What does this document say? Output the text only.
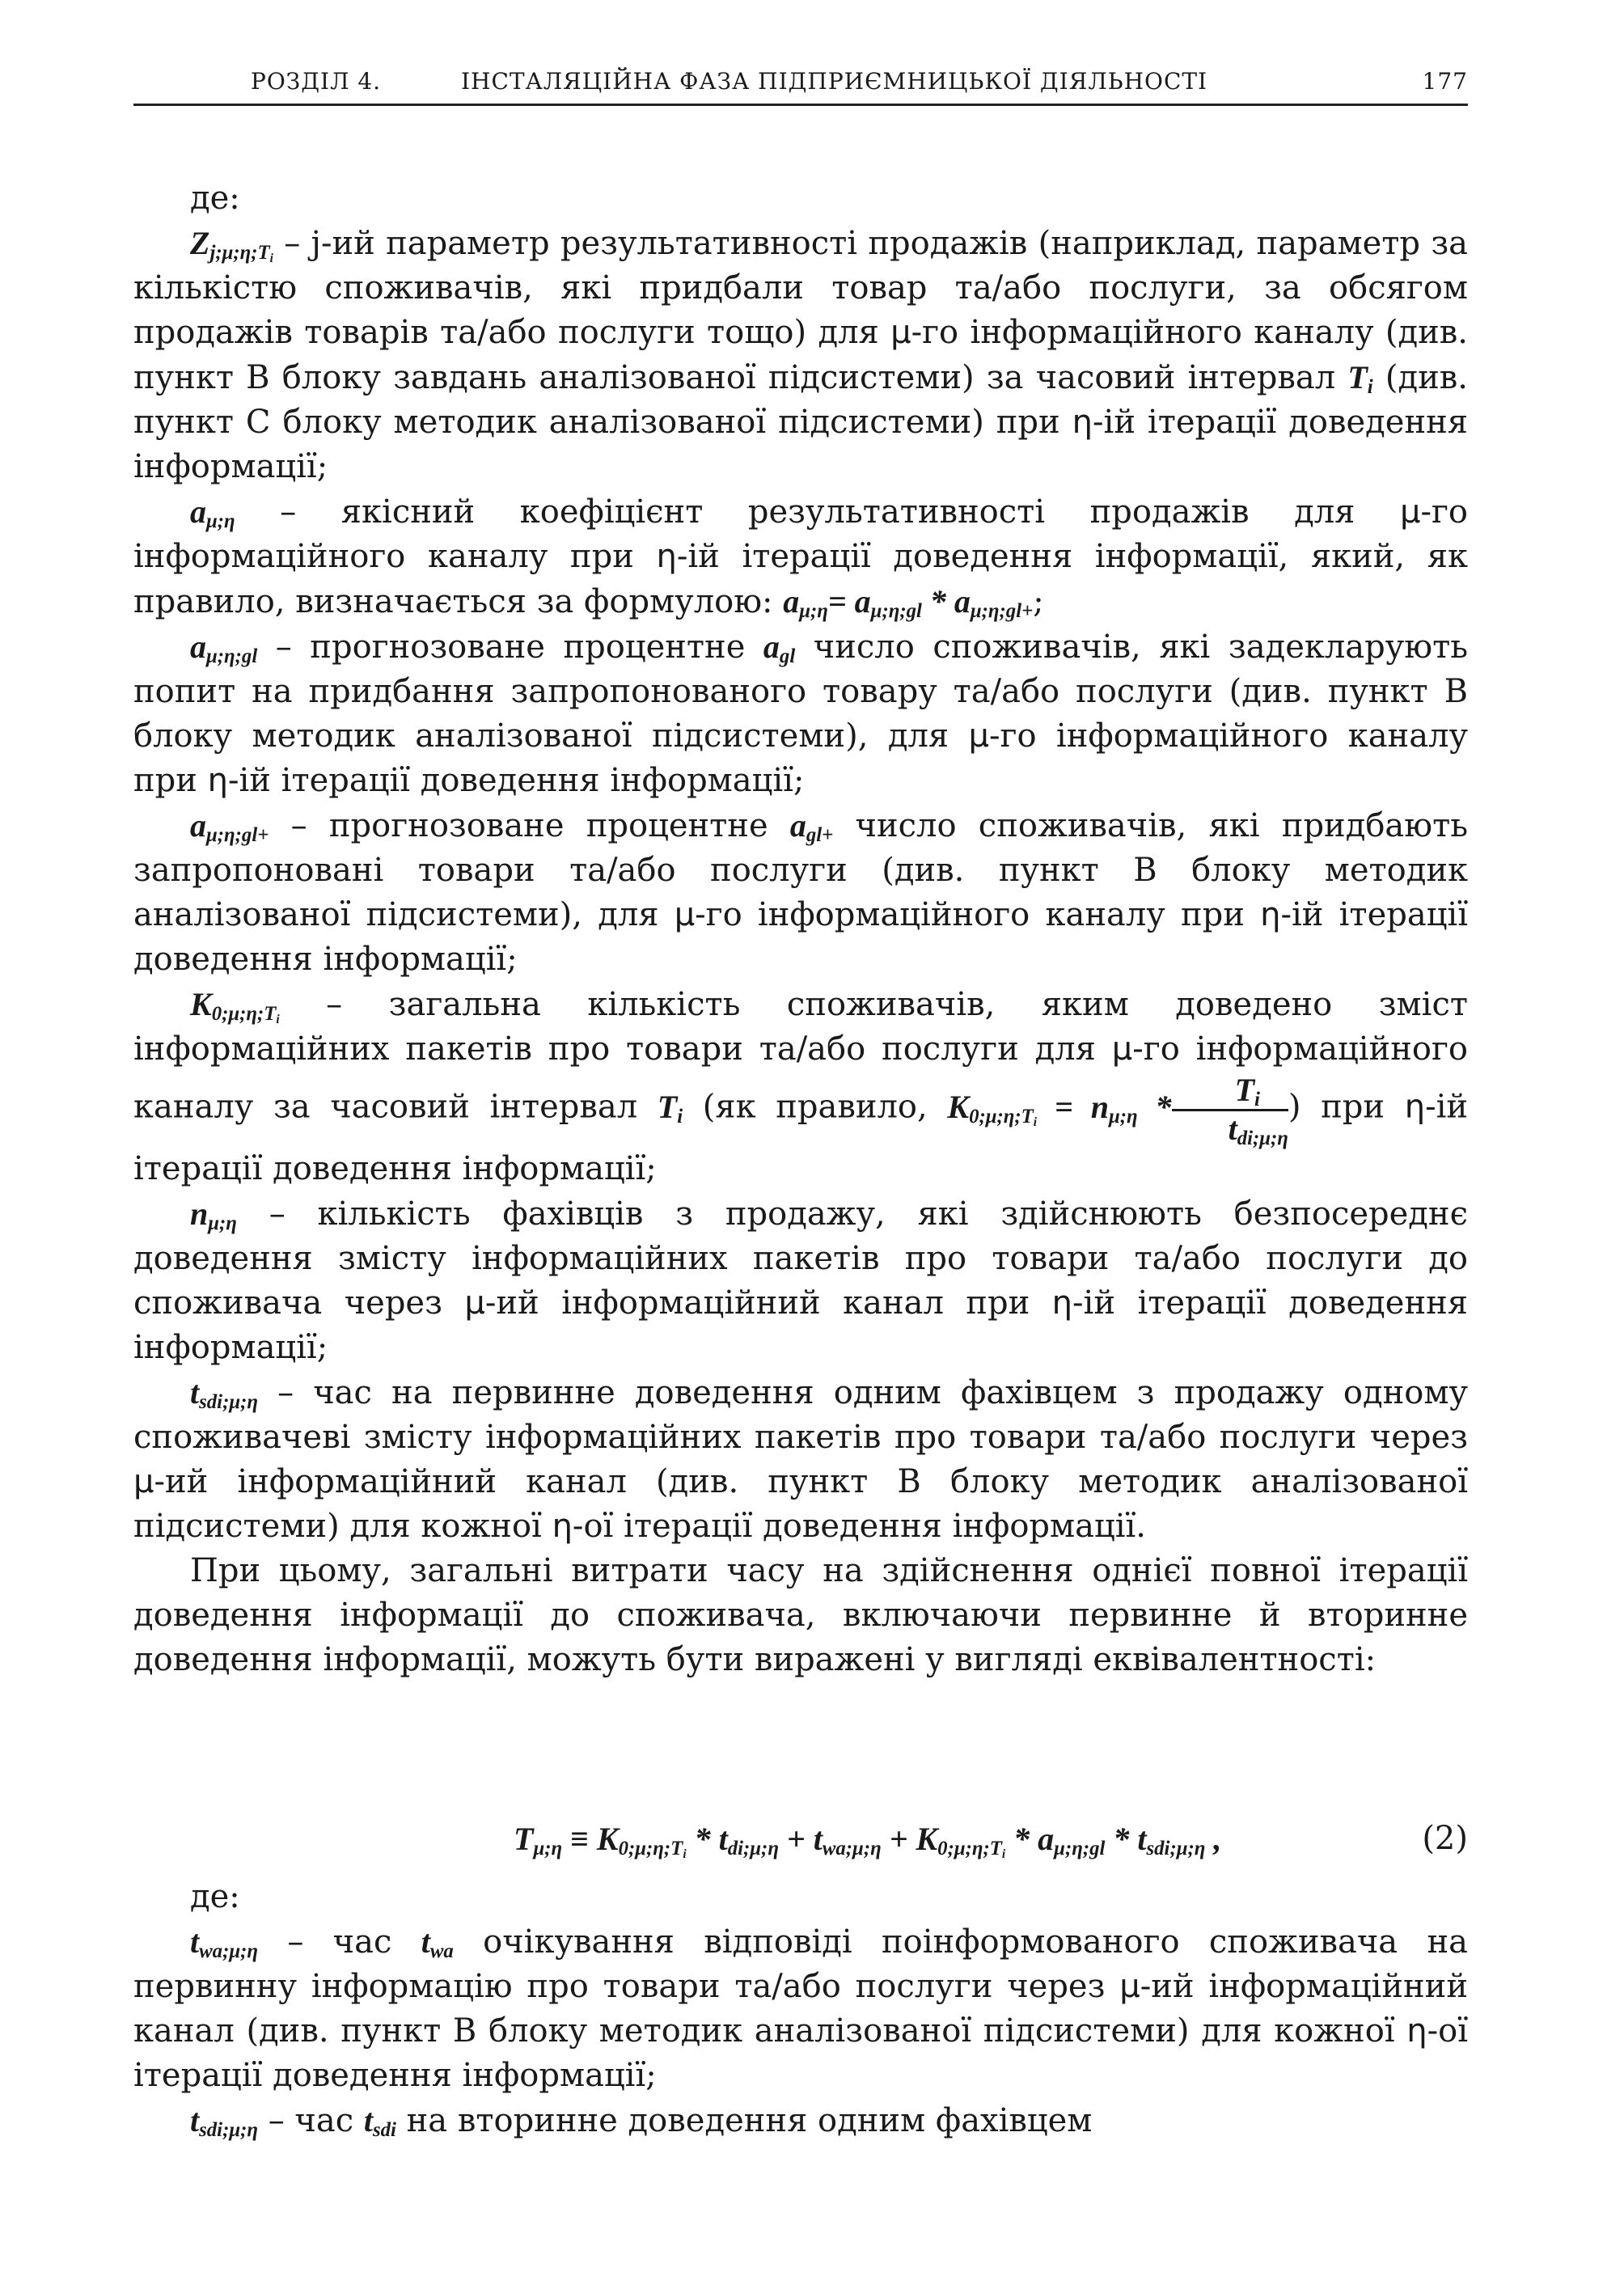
РОЗДІЛ 4.	ІНСТАЛЯЦІЙНА ФАЗА ПІДПРИЄМНИЦЬКОЇ ДІЯЛЬНОСТІ	177

де:

$Z_{j;\mu;\eta;T_i} - j-ий$ параметр результативності продажів (наприклад, параметр за кількістю споживачів, які придбали товар та/або послуги, за обсягом продажів товарів та/або послуги тощо) для μ-го інформаційного каналу (див. пункт В блоку завдань аналізованої підсистеми) за часовий інтервал $T_i$ (див. пункт С блоку методик аналізованої підсистеми) при η-ій ітерації доведення інформації;

$a_{\mu;\eta}$ – якісний коефіцієнт результативності продажів для μ-го інформаційного каналу при η-ій ітерації доведення інформації, який, як правило, визначається за формулою: $a_{\mu;\eta}= a_{\mu;\eta;gl} * a_{\mu;\eta;gl+}$;

$a_{\mu;\eta;gl}$ – прогнозоване процентне $a_{gl}$ число споживачів, які задекларують попит на придбання запропонованого товару та/або послуги (див. пункт В блоку методик аналізованої підсистеми), для μ-го інформаційного каналу при η-ій ітерації доведення інформації;

$a_{\mu;\eta;gl+}$ – прогнозоване процентне $a_{gl+}$ число споживачів, які придбають запропоновані товари та/або послуги (див. пункт В блоку методик аналізованої підсистеми), для μ-го інформаційного каналу при η-ій ітерації доведення інформації;

$K_{0;\mu;\eta;T_i}$ – загальна кількість споживачів, яким доведено зміст інформаційних пакетів про товари та/або послуги для μ-го інформаційного каналу за часовий інтервал $T_i$ (як правило, $K_{0;\mu;\eta;T_i} = n_{\mu;\eta} * \frac{T_i}{t_{di;\mu;\eta}}$ ) при η-ій ітерації доведення інформації;

$n_{\mu;\eta}$ – кількість фахівців з продажу, які здійснюють безпосереднє доведення змісту інформаційних пакетів про товари та/або послуги до споживача через μ-ий інформаційний канал при η-ій ітерації доведення інформації;

$t_{sdi;\mu;\eta}$ – час на первинне доведення одним фахівцем з продажу одному споживачеві змісту інформаційних пакетів про товари та/або послуги через μ-ий інформаційний канал (див. пункт В блоку методик аналізованої підсистеми) для кожної η-ої ітерації доведення інформації.

При цьому, загальні витрати часу на здійснення однієї повної ітерації доведення інформації до споживача, включаючи первинне й вторинне доведення інформації, можуть бути виражені у вигляді еквівалентності:

$T_{\mu;\eta} \equiv K_{0;\mu;\eta;T_i} * t_{di;\mu;\eta} + t_{wa;\mu;\eta} + K_{0;\mu;\eta;T_i} * a_{\mu;\eta;gl} * t_{sdi;\mu;\eta}$ ,	(2)

де:

$t_{wa;\mu;\eta}$ – час $t_{wa}$ очікування відповіді поінформованого споживача на первинну інформацію про товари та/або послуги через μ-ий інформаційний канал (див. пункт В блоку методик аналізованої підсистеми) для кожної η-ої ітерації доведення інформації;

$t_{sdi;\mu;\eta}$ – час $t_{sdi}$ на вторинне доведення одним фахівцем
